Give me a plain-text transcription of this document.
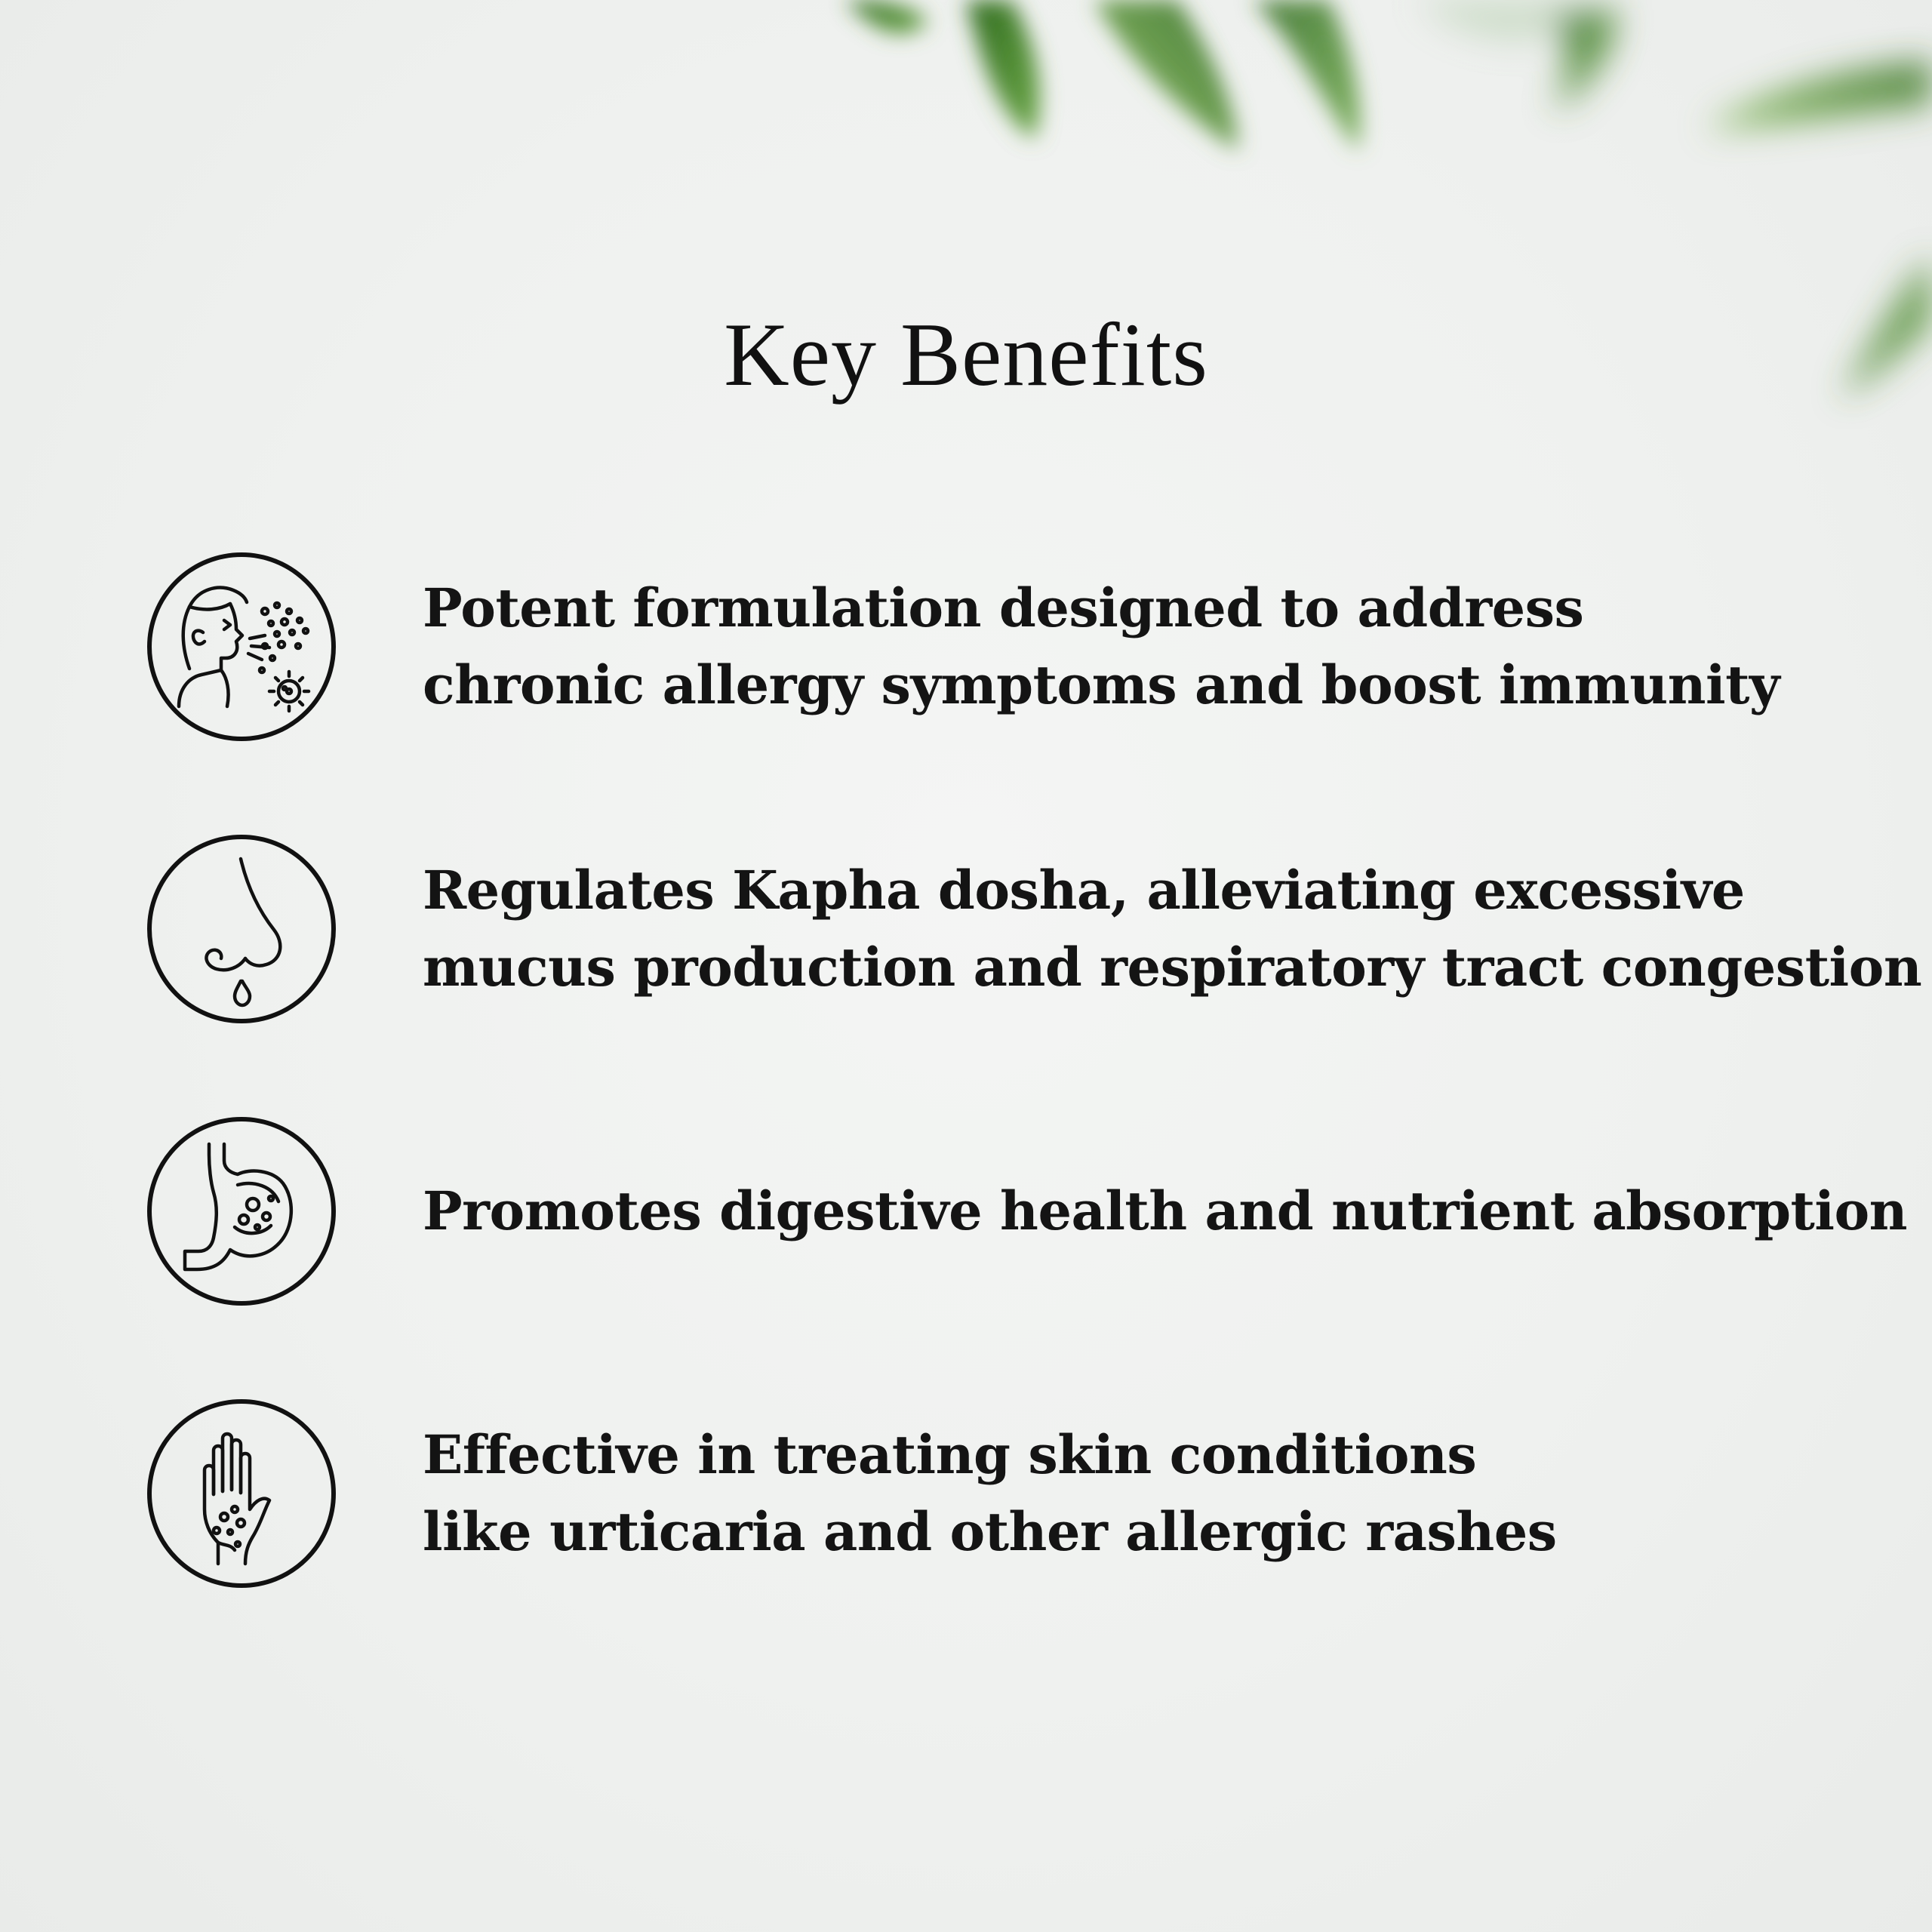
Key Benefits
Potent formulation designed to address
chronic allergy symptoms and boost immunity
Regulates Kapha dosha, alleviating excessive
mucus production and respiratory tract congestion
Promotes digestive health and nutrient absorption
Effective in treating skin conditions
like urticaria and other allergic rashes
